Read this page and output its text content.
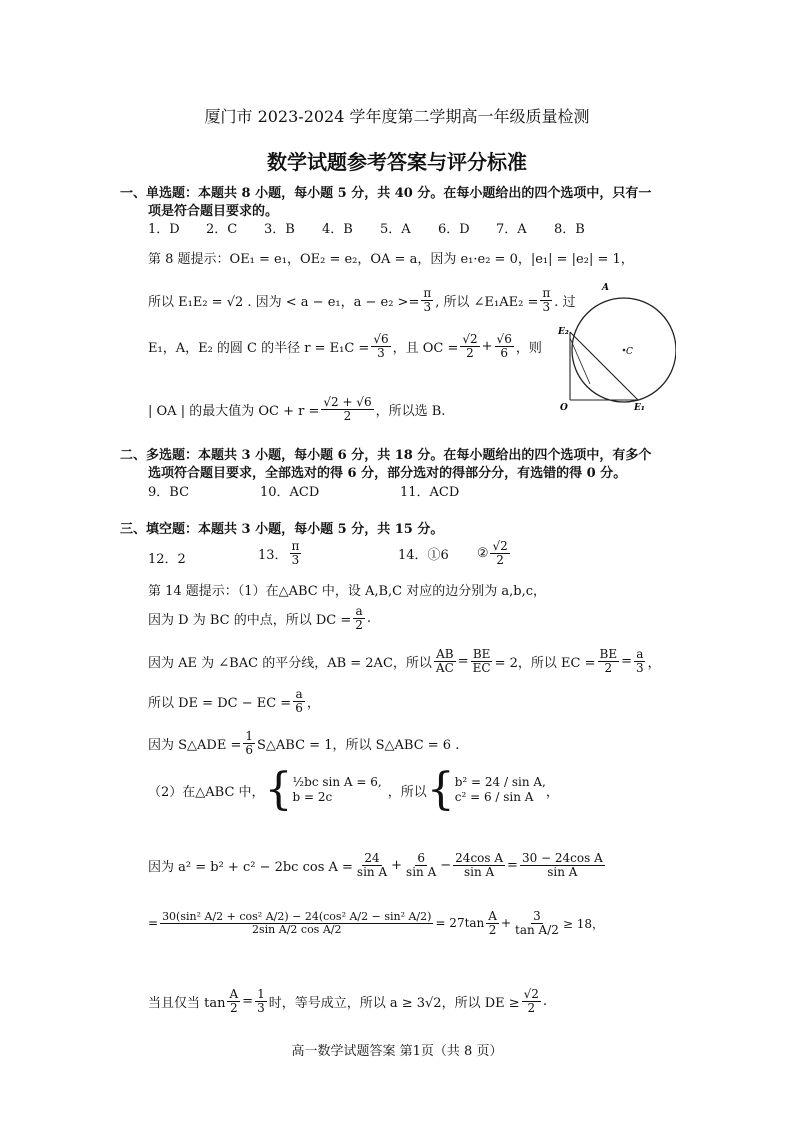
厦门市 2023-2024 学年度第二学期高一年级质量检测
数学试题参考答案与评分标准
一、单选题：本题共 8 小题，每小题 5 分，共 40 分。在每小题给出的四个选项中，只有一
项是符合题目要求的。
1．D	2．C	3．B	4．B	5．A	6．D	7．A	8．B
第 8 题提示：OE₁ = e₁，OE₂ = e₂，OA = a，因为 e₁·e₂ = 0，|e₁| = |e₂| = 1，
所以 E₁E₂ = √2 . 因为 < a − e₁，$a - e_2 >= \frac{\pi}{3}$ , 所以 ∠E₁AE₂ = $\frac{\pi}{3}$ . 过
E₁，A，E₂ 的圆 C 的半径 $r = E_1C = \frac{√6}{3}$ ，且 OC = $\frac{√2}{2} + \frac{√6}{6}$ ，则
| OA | 的最大值为 OC + $r = \frac{√2 + √6}{2}$ ，所以选 B.
A
C
E₂
O	E₁
二、多选题：本题共 3 小题，每小题 6 分，共 18 分。在每小题给出的四个选项中，有多个
选项符合题目要求，全部选对的得 6 分，部分选对的得部分分，有选错的得 0 分。
9．BC	10．ACD	11．ACD
三、填空题：本题共 3 小题，每小题 5 分，共 15 分。
12．2	13． $\frac{\pi}{3}$	14．①6 ② $\frac{√2}{2}$
第 14 题提示：（1）在△ABC 中，设 A,B,C 对应的边分别为 a,b,c，
因为 D 为 BC 的中点，所以 DC = $\frac{a}{2}$ .
因为 AE 为 ∠BAC 的平分线，AB = 2AC，所以 $\frac{AB}{AC} = \frac{BE}{EC} = 2$，所以 EC = $\frac{BE}{2} = \frac{a}{3}$ ，
所以 DE = DC − EC = $\frac{a}{6}$ ，
因为 S△ADE = $\frac{1}{6}$ S△ABC = 1，所以 S△ABC = 6 .
（2）在△ABC 中， { ½bc sin A = 6,
b = 2c	，所以 { b² = 24 / sin A,
c² = 6 / sin A ，
因为 a² = b² + c² − 2bc $\cos A = \frac{24}{\text{sin A}} + \frac{6}{\text{sin A}} - \frac{\text{24cos A}}{\text{sin A}} = \frac{\text{30 − 24cos A}}{\text{sin A}}$
= $\frac{\text{30(sin² A/2 + cos² A/2) − 24(cos² A/2 − sin² A/2)}}{\text{2sin A/2 cos A/2}} = 27\tan \frac{A}{2} + \frac{3}{\text{tan A/2}} \ge 18$，
当且仅当 $\tan \frac{A}{2} = \frac{1}{3}$ 时，等号成立，所以 a ≥ 3√2，所以 DE ≥ $\frac{√2}{2}$ .
高一数学试题答案 第1页（共 8 页）
